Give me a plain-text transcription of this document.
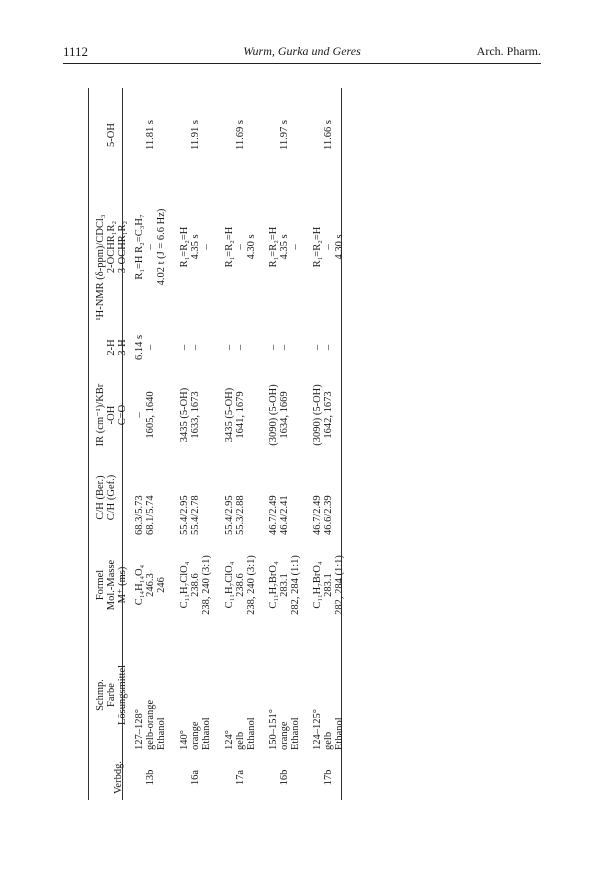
1112	Wurm, Gurka und Geres	Arch. Pharm.
Verbdg.
Schmp. Farbe Lösungsmittel
Formel Mol.-Masse M⁺ (ms)
C/H (Ber.) C/H (Gef.)
IR (cm⁻¹)/KBr -OH C=O
¹H-NMR (δ-ppm)/CDCl₃
2-H 3-H
2-OCHR₁R₂ 3-OCHR₁R₂
5-OH
13b
127–128° gelb-orange Ethanol
C₁₄H₁₄O₄ 246.3 246
68.3/5.73 68.1/5.74
– 1605, 1640
6.14 s –
R₁=H R₂=C₃H₇ – 4.02 t (J = 6.6 Hz)
11.81 s
16a
140° orange Ethanol
C₁₁H₇ClO₄ 238.6 238, 240 (3:1)
55.4/2.95 55.4/2.78
3435 (5-OH) 1633, 1673
– –
R₁=R₂=H 4.35 s –
11.91 s
17a
124° gelb Ethanol
C₁₁H₇ClO₄ 238.6 238, 240 (3:1)
55.4/2.95 55.3/2.88
3435 (5-OH) 1641, 1679
– –
R₁=R₂=H – 4.30 s
11.69 s
16b
150–151° orange Ethanol
C₁₁H₇BrO₄ 283.1 282, 284 (1:1)
46.7/2.49 46.4/2.41
(3090) (5-OH) 1634, 1669
– –
R₁=R₂=H 4.35 s –
11.97 s
17b
124–125° gelb Ethanol
C₁₁H₇BrO₄ 283.1 282, 284 (1:1)
46.7/2.49 46.6/2.39
(3090) (5-OH) 1642, 1673
– –
R₁=R₂=H – 4.30 s
11.66 s
